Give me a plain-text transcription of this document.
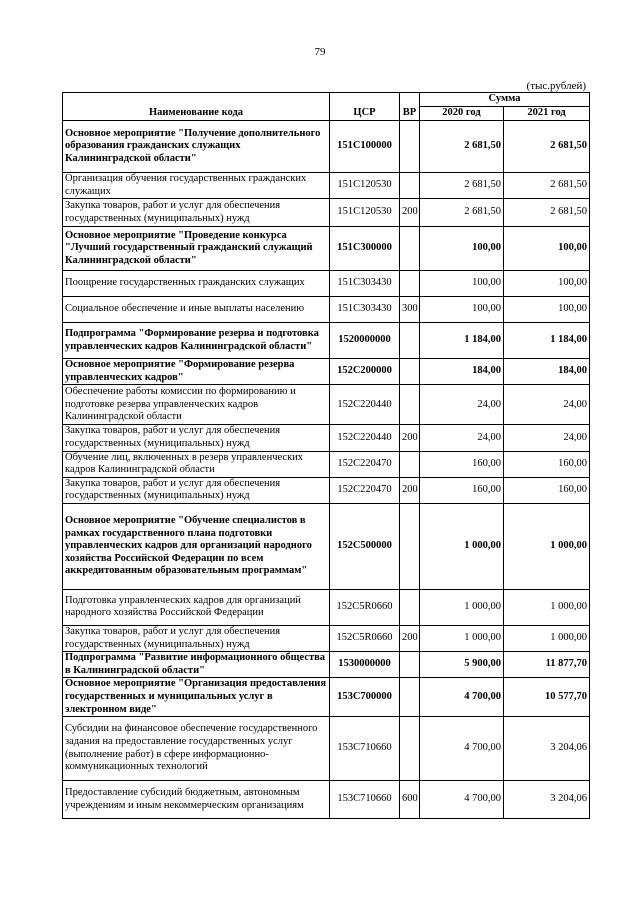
79
(тыс.рублей)
Наименование кода	ЦСР	ВР	Сумма	
			2020 год	2021 год
Основное мероприятие "Получение дополнительного образования гражданских служащих Калининградской области"	151С100000		2 681,50	2 681,50
Организация обучения государственных гражданских служащих	151С120530		2 681,50	2 681,50
Закупка товаров, работ и услуг для обеспечения государственных (муниципальных) нужд	151С120530	200	2 681,50	2 681,50
Основное мероприятие "Проведение конкурса "Лучший государственный гражданский служащий Калининградской области"	151С300000		100,00	100,00
Поощрение государственных гражданских служащих	151С303430		100,00	100,00
Социальное обеспечение и иные выплаты населению	151С303430	300	100,00	100,00
Подпрограмма "Формирование резерва и подготовка управленческих кадров Калининградской области"	1520000000		1 184,00	1 184,00
Основное мероприятие "Формирование резерва управленческих кадров"	152С200000		184,00	184,00
Обеспечение работы комиссии по формированию и подготовке резерва управленческих кадров Калининградской области	152С220440		24,00	24,00
Закупка товаров, работ и услуг для обеспечения государственных (муниципальных) нужд	152С220440	200	24,00	24,00
Обучение лиц, включенных в резерв управленческих кадров Калининградской области	152С220470		160,00	160,00
Закупка товаров, работ и услуг для обеспечения государственных (муниципальных) нужд	152С220470	200	160,00	160,00
Основное мероприятие "Обучение специалистов в рамках государственного плана подготовки управленческих кадров для организаций народного хозяйства Российской Федерации по всем аккредитованным образовательным программам"	152С500000		1 000,00	1 000,00
Подготовка управленческих кадров для организаций народного хозяйства Российской Федерации	152С5R0660		1 000,00	1 000,00
Закупка товаров, работ и услуг для обеспечения государственных (муниципальных) нужд	152С5R0660	200	1 000,00	1 000,00
Подпрограмма "Развитие информационного общества в Калининградской области"	1530000000		5 900,00	11 877,70
Основное мероприятие "Организация предоставления государственных и муниципальных услуг в электронном виде"	153С700000		4 700,00	10 577,70
Субсидии на финансовое обеспечение государственного задания на предоставление государственных услуг (выполнение работ) в сфере информационно-коммуникационных технологий	153С710660		4 700,00	3 204,06
Предоставление субсидий бюджетным, автономным учреждениям и иным некоммерческим организациям	153С710660	600	4 700,00	3 204,06
